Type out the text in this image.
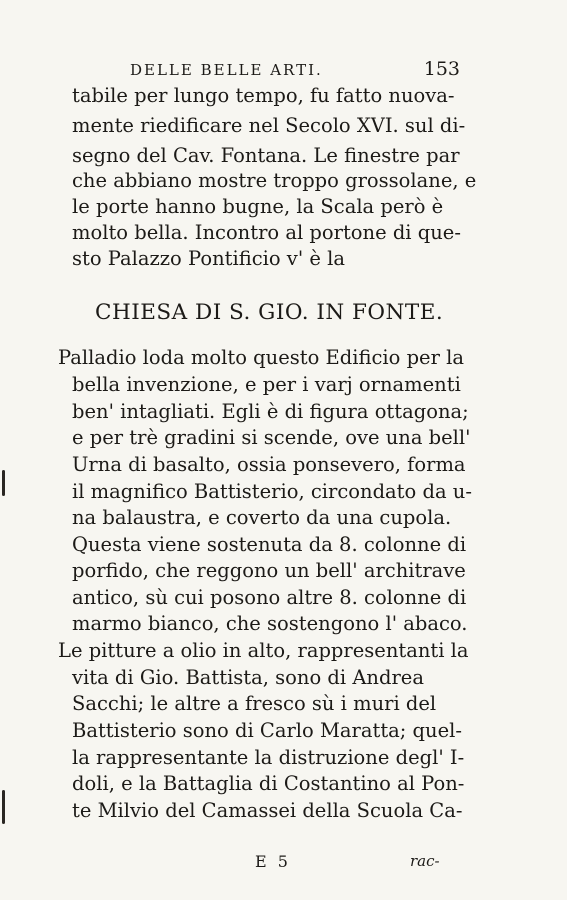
DELLE BELLE ARTI.	153
tabile per lungo tempo, fu fatto nuova-
mente riedificare nel Secolo XVI. sul di-
segno del Cav. Fontana. Le finestre par
che abbiano mostre troppo grossolane, e
le porte hanno bugne, la Scala però è
molto bella. Incontro al portone di que-
sto Palazzo Pontificio v' è la
CHIESA DI S. GIO. IN FONTE.
Palladio loda molto questo Edificio per la
bella invenzione, e per i varj ornamenti
ben' intagliati. Egli è di figura ottagona;
e per trè gradini si scende, ove una bell'
Urna di basalto, ossia ponsevero, forma
il magnifico Battisterio, circondato da u-
na balaustra, e coverto da una cupola.
Questa viene sostenuta da 8. colonne di
porfido, che reggono un bell' architrave
antico, sù cui posono altre 8. colonne di
marmo bianco, che sostengono l' abaco.
Le pitture a olio in alto, rappresentanti la
vita di Gio. Battista, sono di Andrea
Sacchi; le altre a fresco sù i muri del
Battisterio sono di Carlo Maratta; quel-
la rappresentante la distruzione degl' I-
doli, e la Battaglia di Costantino al Pon-
te Milvio del Camassei della Scuola Ca-
E 5	rac-
